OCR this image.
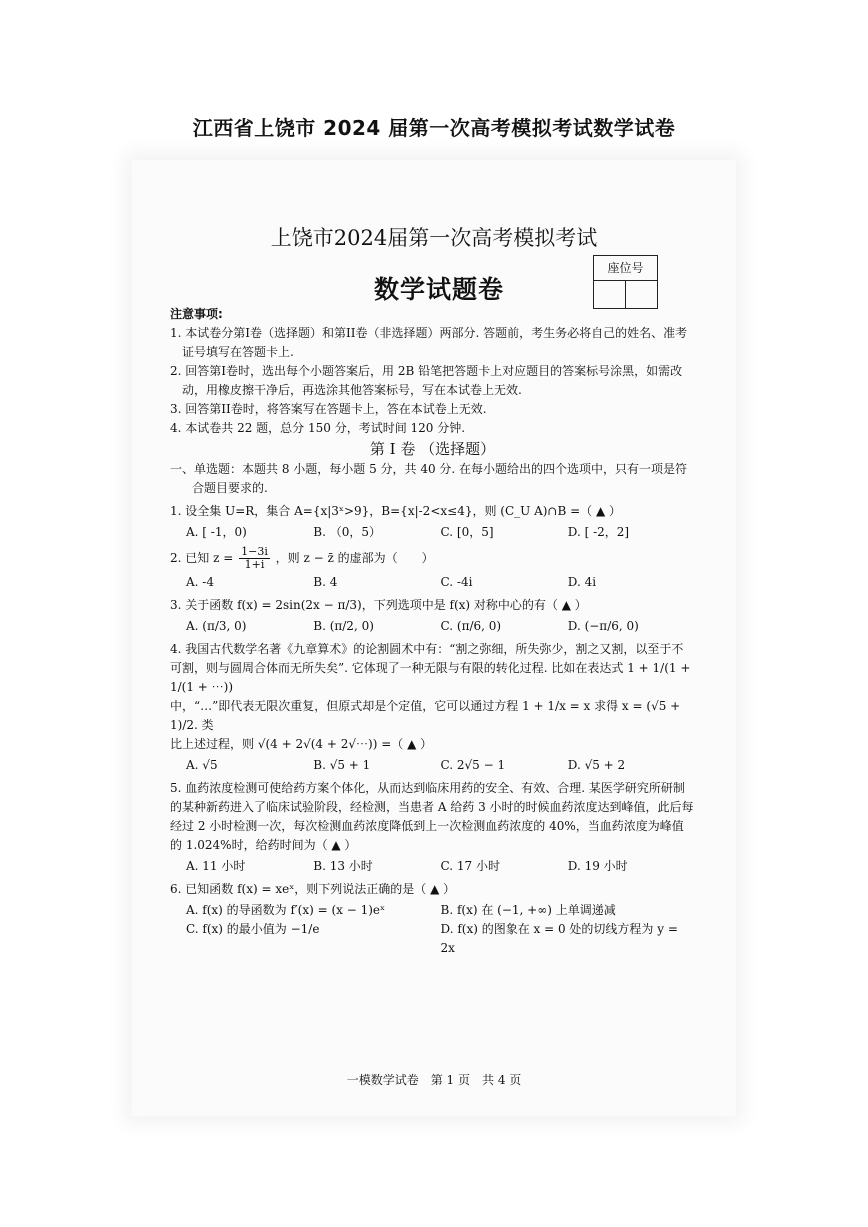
江西省上饶市 2024 届第一次高考模拟考试数学试卷
上饶市2024届第一次高考模拟考试
数学试题卷
座位号
注意事项:
1. 本试卷分第I卷（选择题）和第II卷（非选择题）两部分. 答题前，考生务必将自己的姓名、准考证号填写在答题卡上.
2. 回答第I卷时，选出每个小题答案后，用 2B 铅笔把答题卡上对应题目的答案标号涂黑，如需改动，用橡皮擦干净后，再选涂其他答案标号，写在本试卷上无效.
3. 回答第II卷时，将答案写在答题卡上，答在本试卷上无效.
4. 本试卷共 22 题，总分 150 分，考试时间 120 分钟.
第 I 卷 （选择题）
一、单选题：本题共 8 小题，每小题 5 分，共 40 分. 在每小题给出的四个选项中，只有一项是符合题目要求的.
1. 设全集 U=R，集合 A={x|3ˣ>9}，B={x|-2<x≤4}，则 (C_U A)∩B =（ ▲ ）
A. [ -1，0)	B. （0，5）	C. [0，5]	D. [ -2，2]
2. 已知 $z = \frac{1-3i}{1+i}$ ，则 z − z̄ 的虚部为（　　）
A. -4	B. 4	C. -4i	D. 4i
3. 关于函数 f(x) = 2sin(2x − π/3)，下列选项中是 f(x) 对称中心的有（ ▲ ）
A. (π/3, 0)	B. (π/2, 0)	C. (π/6, 0)	D. (−π/6, 0)
4. 我国古代数学名著《九章算术》的论割圆术中有：“割之弥细，所失弥少，割之又割，以至于不可割，则与圆周合体而无所失矣”. 它体现了一种无限与有限的转化过程. 比如在表达式 1 + 1/(1 + 1/(1 + ⋯))
中，“…”即代表无限次重复，但原式却是个定值，它可以通过方程 1 + 1/x = x 求得 x = (√5 + 1)/2. 类
比上述过程，则 √(4 + 2√(4 + 2√⋯)) =（ ▲ ）
A. √5	B. √5 + 1	C. 2√5 − 1	D. √5 + 2
5. 血药浓度检测可使给药方案个体化，从而达到临床用药的安全、有效、合理. 某医学研究所研制的某种新药进入了临床试验阶段，经检测，当患者 A 给药 3 小时的时候血药浓度达到峰值，此后每经过 2 小时检测一次，每次检测血药浓度降低到上一次检测血药浓度的 40%，当血药浓度为峰值的 1.024%时，给药时间为（ ▲ ）
A. 11 小时	B. 13 小时	C. 17 小时	D. 19 小时
6. 已知函数 f(x) = xeˣ，则下列说法正确的是（ ▲ ）
A. f(x) 的导函数为 f′(x) = (x − 1)eˣ	B. f(x) 在 (−1, +∞) 上单调递减
C. f(x) 的最小值为 −1/e	D. f(x) 的图象在 x = 0 处的切线方程为 y = 2x
一模数学试卷　第 1 页　共 4 页
